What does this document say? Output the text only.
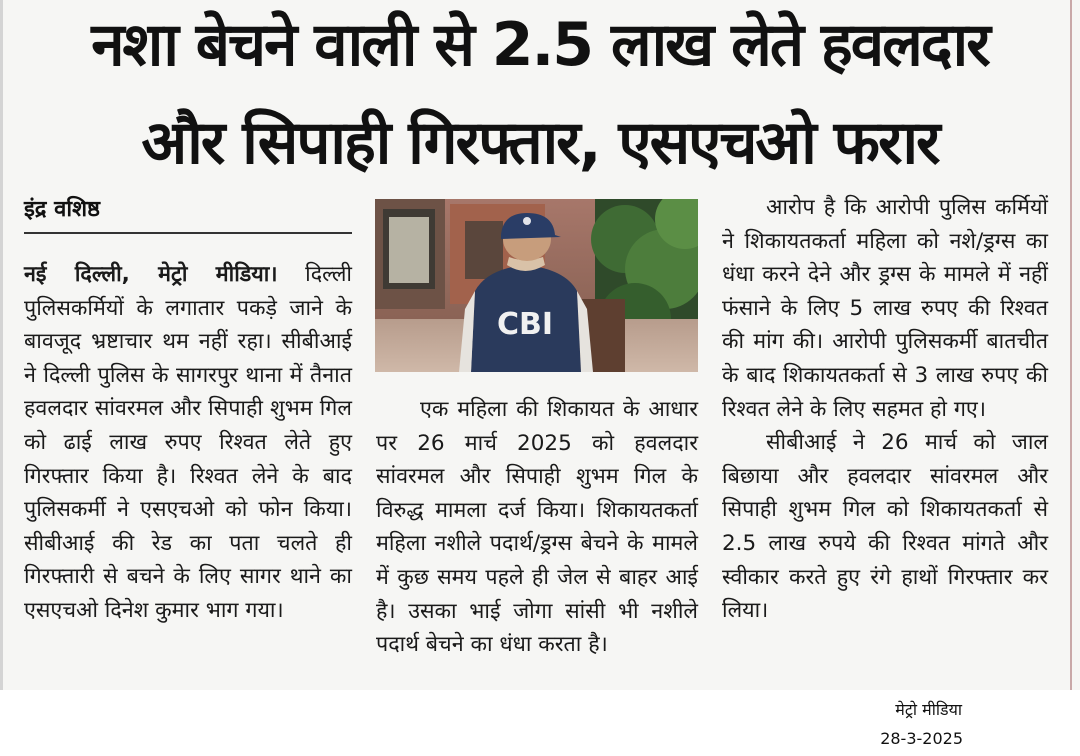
नशा बेचने वाली से 2.5 लाख लेते हवलदार
और सिपाही गिरफ्तार, एसएचओ फरार
इंद्र वशिष्ठ

नई दिल्ली, मेट्रो मीडिया। दिल्ली पुलिसकर्मियों के लगातार पकड़े जाने के बावजूद भ्रष्टाचार थम नहीं रहा। सीबीआई ने दिल्ली पुलिस के सागरपुर थाना में तैनात हवलदार सांवरमल और सिपाही शुभम गिल को ढाई लाख रुपए रिश्वत लेते हुए गिरफ्तार किया है। रिश्वत लेने के बाद पुलिसकर्मी ने एसएचओ को फोन किया। सीबीआई की रेड का पता चलते ही गिरफ्तारी से बचने के लिए सागर थाने का एसएचओ दिनेश कुमार भाग गया।

CBI

एक महिला की शिकायत के आधार पर 26 मार्च 2025 को हवलदार सांवरमल और सिपाही शुभम गिल के विरुद्ध मामला दर्ज किया। शिकायतकर्ता महिला नशीले पदार्थ/ड्रग्स बेचने के मामले में कुछ समय पहले ही जेल से बाहर आई है। उसका भाई जोगा सांसी भी नशीले पदार्थ बेचने का धंधा करता है।

आरोप है कि आरोपी पुलिस कर्मियों ने शिकायतकर्ता महिला को नशे/ड्रग्स का धंधा करने देने और ड्रग्स के मामले में नहीं फंसाने के लिए 5 लाख रुपए की रिश्वत की मांग की। आरोपी पुलिसकर्मी बातचीत के बाद शिकायतकर्ता से 3 लाख रुपए की रिश्वत लेने के लिए सहमत हो गए।

सीबीआई ने 26 मार्च को जाल बिछाया और हवलदार सांवरमल और सिपाही शुभम गिल को शिकायतकर्ता से 2.5 लाख रुपये की रिश्वत मांगते और स्वीकार करते हुए रंगे हाथों गिरफ्तार कर लिया।

मेट्रो मीडिया
28-3-2025
